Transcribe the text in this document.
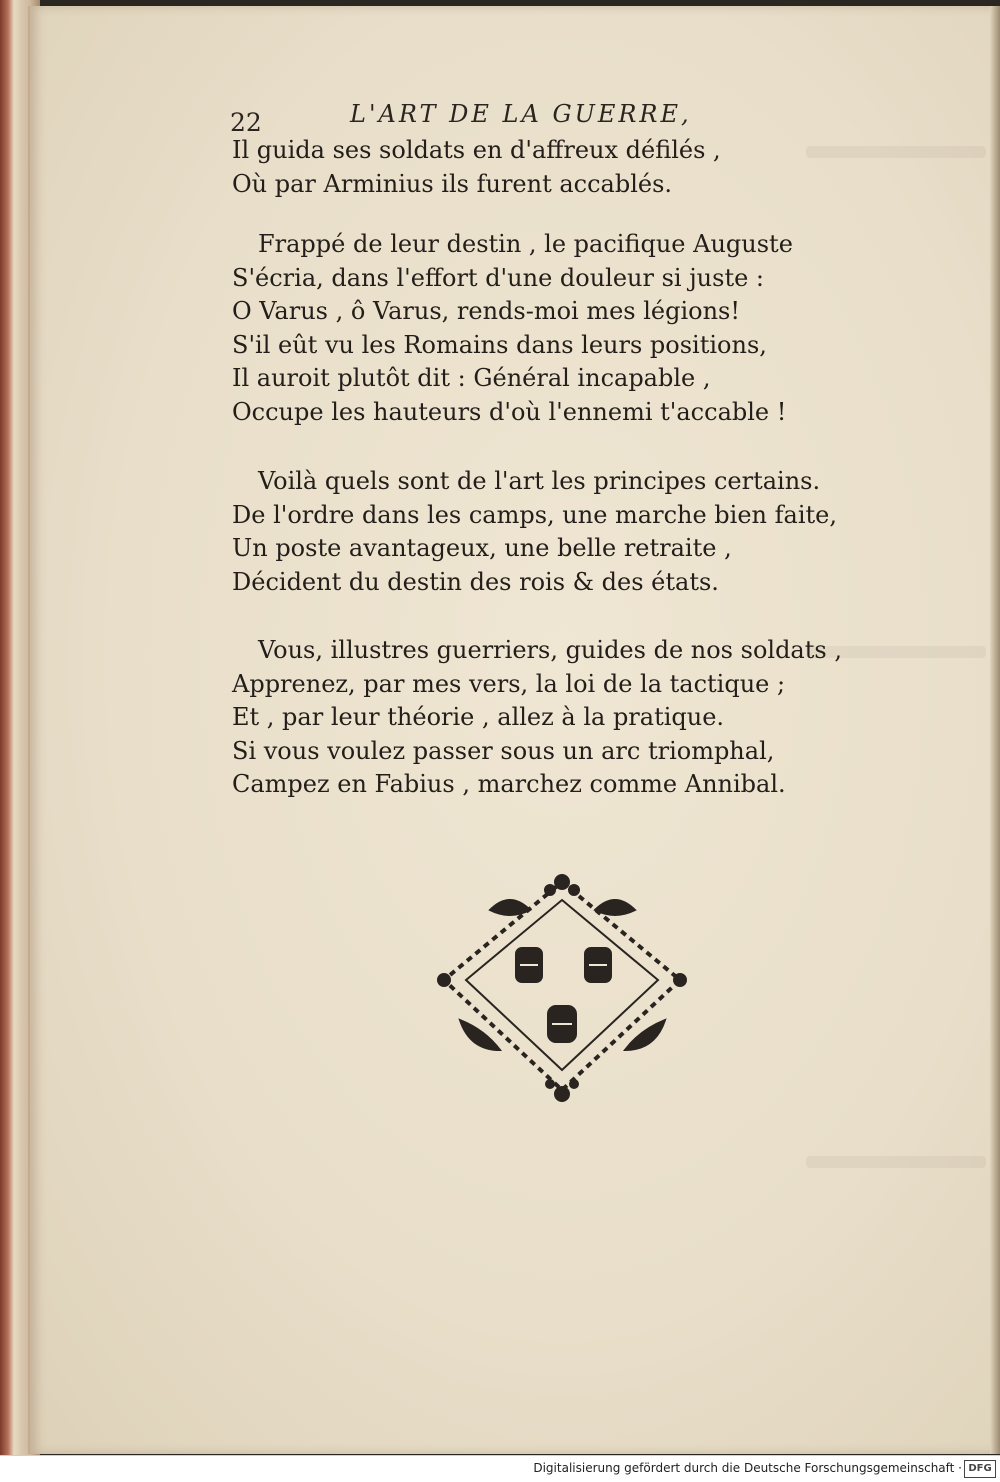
22	L'ART DE LA GUERRE,
Il guida ses soldats en d'affreux défilés ,
Où par Arminius ils furent accablés.
Frappé de leur destin , le pacifique Auguste
S'écria, dans l'effort d'une douleur si juste :
O Varus , ô Varus, rends-moi mes légions!
S'il eût vu les Romains dans leurs positions,
Il auroit plutôt dit : Général incapable ,
Occupe les hauteurs d'où l'ennemi t'accable !
Voilà quels sont de l'art les principes certains.
De l'ordre dans les camps, une marche bien faite,
Un poste avantageux, une belle retraite ,
Décident du destin des rois & des états.
Vous, illustres guerriers, guides de nos soldats ,
Apprenez, par mes vers, la loi de la tactique ;
Et , par leur théorie , allez à la pratique.
Si vous voulez passer sous un arc triomphal,
Campez en Fabius , marchez comme Annibal.
Digitalisierung gefördert durch die Deutsche Forschungsgemeinschaft · DFG
